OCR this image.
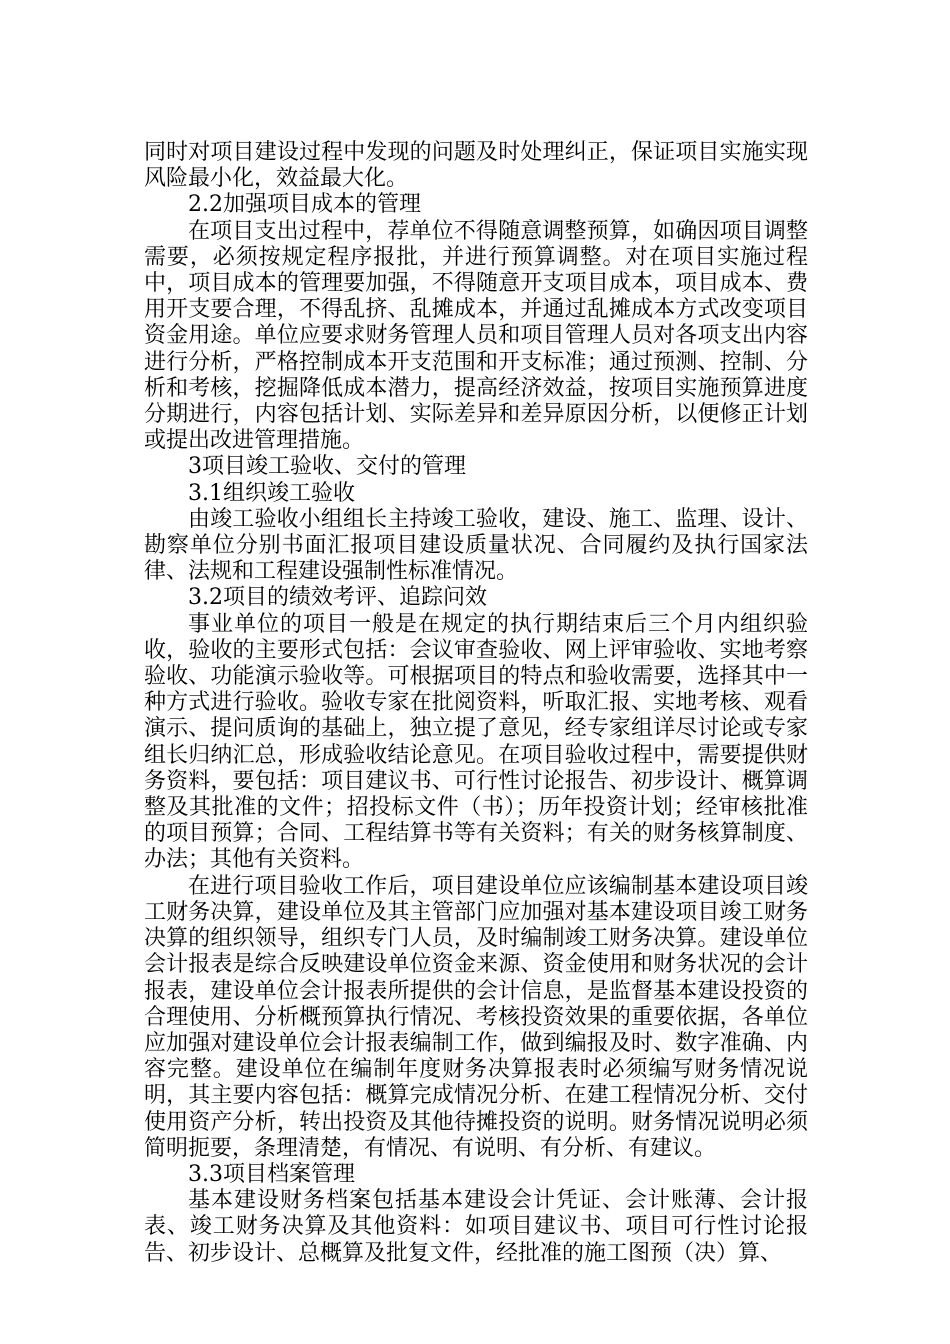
同时对项目建设过程中发现的问题及时处理纠正，保证项目实施实现风险最小化，效益最大化。

2.2加强项目成本的管理

在项目支出过程中，荐单位不得随意调整预算，如确因项目调整需要，必须按规定程序报批，并进行预算调整。对在项目实施过程中，项目成本的管理要加强，不得随意开支项目成本，项目成本、费用开支要合理，不得乱挤、乱摊成本，并通过乱摊成本方式改变项目资金用途。单位应要求财务管理人员和项目管理人员对各项支出内容进行分析，严格控制成本开支范围和开支标准；通过预测、控制、分析和考核，挖掘降低成本潜力，提高经济效益，按项目实施预算进度分期进行，内容包括计划、实际差异和差异原因分析，以便修正计划或提出改进管理措施。

3项目竣工验收、交付的管理

3.1组织竣工验收

由竣工验收小组组长主持竣工验收，建设、施工、监理、设计、勘察单位分别书面汇报项目建设质量状况、合同履约及执行国家法律、法规和工程建设强制性标准情况。

3.2项目的绩效考评、追踪问效

事业单位的项目一般是在规定的执行期结束后三个月内组织验收，验收的主要形式包括：会议审查验收、网上评审验收、实地考察验收、功能演示验收等。可根据项目的特点和验收需要，选择其中一种方式进行验收。验收专家在批阅资料，听取汇报、实地考核、观看演示、提问质询的基础上，独立提了意见，经专家组详尽讨论或专家组长归纳汇总，形成验收结论意见。在项目验收过程中，需要提供财务资料，要包括：项目建议书、可行性讨论报告、初步设计、概算调整及其批准的文件；招投标文件（书）；历年投资计划；经审核批准的项目预算；合同、工程结算书等有关资料；有关的财务核算制度、办法；其他有关资料。

在进行项目验收工作后，项目建设单位应该编制基本建设项目竣工财务决算，建设单位及其主管部门应加强对基本建设项目竣工财务决算的组织领导，组织专门人员，及时编制竣工财务决算。建设单位会计报表是综合反映建设单位资金来源、资金使用和财务状况的会计报表，建设单位会计报表所提供的会计信息，是监督基本建设投资的合理使用、分析概预算执行情况、考核投资效果的重要依据，各单位应加强对建设单位会计报表编制工作，做到编报及时、数字准确、内容完整。建设单位在编制年度财务决算报表时必须编写财务情况说明，其主要内容包括：概算完成情况分析、在建工程情况分析、交付使用资产分析，转出投资及其他待摊投资的说明。财务情况说明必须简明扼要，条理清楚，有情况、有说明、有分析、有建议。

3.3项目档案管理

基本建设财务档案包括基本建设会计凭证、会计账薄、会计报表、竣工财务决算及其他资料：如项目建议书、项目可行性讨论报告、初步设计、总概算及批复文件，经批准的施工图预（决）算、
